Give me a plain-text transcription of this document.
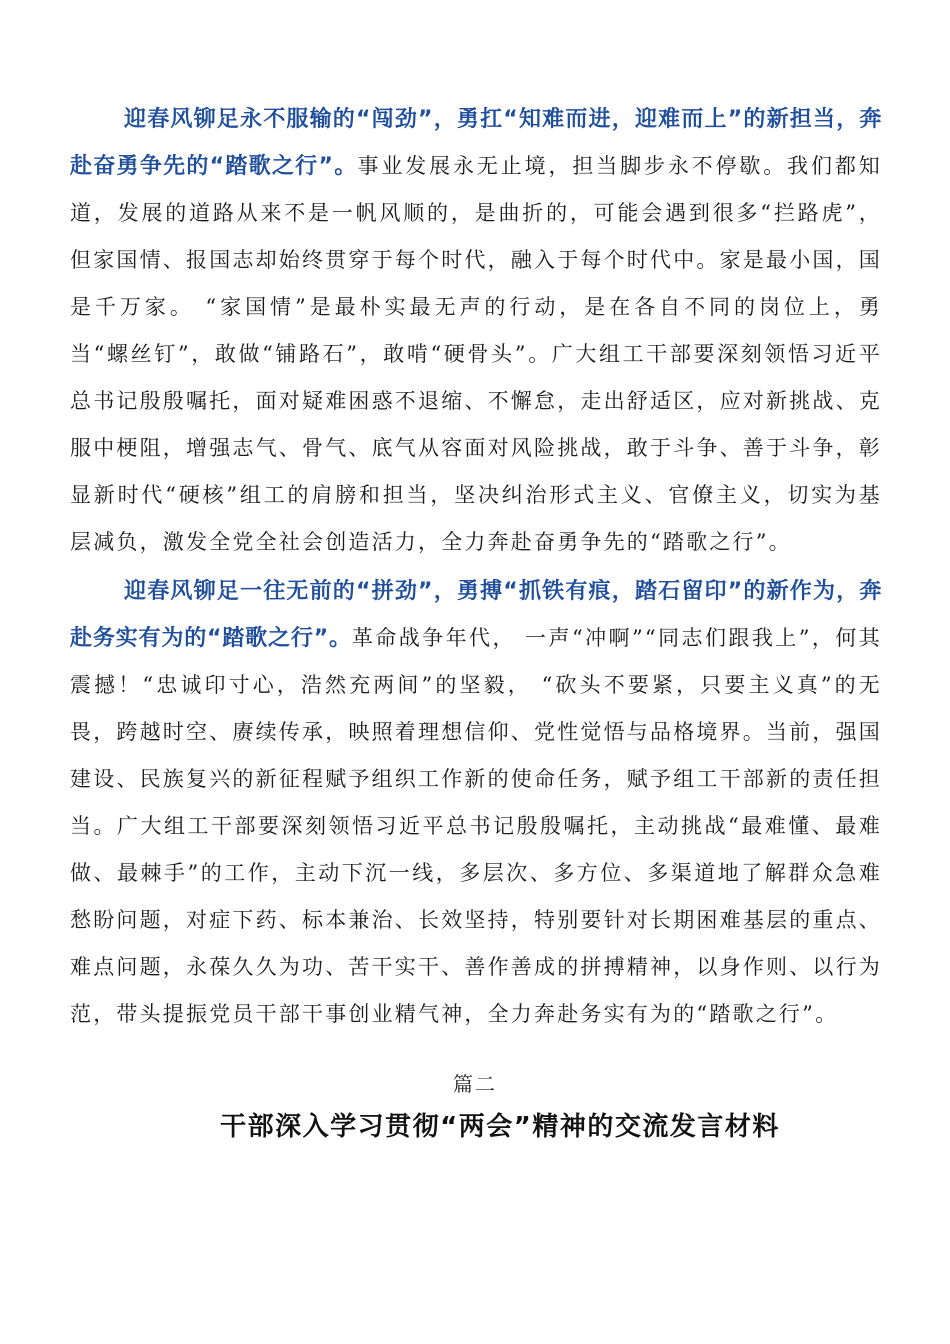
迎春风铆足永不服输的“闯劲”，勇扛“知难而进，迎难而上”的新担当，奔赴奋勇争先的“踏歌之行”。事业发展永无止境，担当脚步永不停歇。我们都知道，发展的道路从来不是一帆风顺的，是曲折的，可能会遇到很多“拦路虎”，但家国情、报国志却始终贯穿于每个时代，融入于每个时代中。家是最小国，国是千万家。 “家国情”是最朴实最无声的行动，是在各自不同的岗位上，勇当“螺丝钉”，敢做“铺路石”，敢啃“硬骨头”。广大组工干部要深刻领悟习近平总书记殷殷嘱托，面对疑难困惑不退缩、不懈怠，走出舒适区，应对新挑战、克服中梗阻，增强志气、骨气、底气从容面对风险挑战，敢于斗争、善于斗争，彰显新时代“硬核”组工的肩膀和担当，坚决纠治形式主义、官僚主义，切实为基层减负，激发全党全社会创造活力，全力奔赴奋勇争先的“踏歌之行”。

迎春风铆足一往无前的“拼劲”，勇搏“抓铁有痕，踏石留印”的新作为，奔赴务实有为的“踏歌之行”。革命战争年代， 一声“冲啊”“同志们跟我上”，何其震撼！“忠诚印寸心，浩然充两间”的坚毅， “砍头不要紧，只要主义真”的无畏，跨越时空、赓续传承，映照着理想信仰、党性觉悟与品格境界。当前，强国建设、民族复兴的新征程赋予组织工作新的使命任务，赋予组工干部新的责任担当。广大组工干部要深刻领悟习近平总书记殷殷嘱托，主动挑战“最难懂、最难做、最棘手”的工作，主动下沉一线，多层次、多方位、多渠道地了解群众急难愁盼问题，对症下药、标本兼治、长效坚持，特别要针对长期困难基层的重点、难点问题，永葆久久为功、苦干实干、善作善成的拼搏精神，以身作则、以行为范，带头提振党员干部干事创业精气神，全力奔赴务实有为的“踏歌之行”。

篇二
干部深入学习贯彻“两会”精神的交流发言材料
